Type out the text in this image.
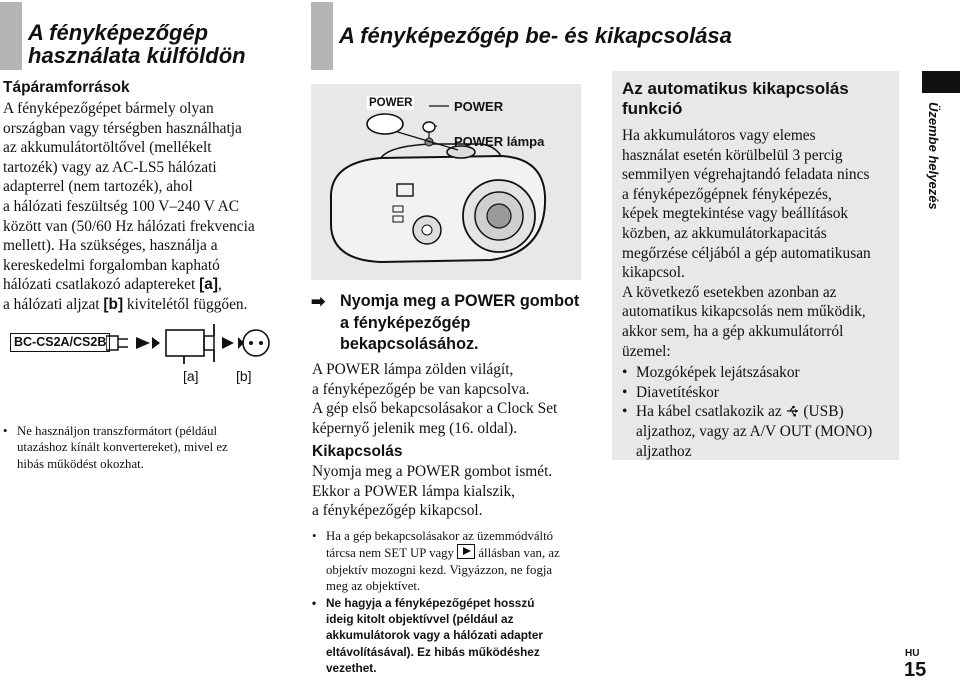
A fényképezőgép
használata külföldön
Tápáramforrások
A fényképezőgépet bármely olyan
országban vagy térségben használhatja
az akkumulátortöltővel (mellékelt
tartozék) vagy az AC-LS5 hálózati
adapterrel (nem tartozék), ahol
a hálózati feszültség 100 V–240 V AC
között van (50/60 Hz hálózati frekvencia
mellett). Ha szükséges, használja a
kereskedelmi forgalomban kapható
hálózati csatlakozó adaptereket [a],
a hálózati aljzat [b] kivitelétől függően.
BC-CS2A/CS2B
[a]	[b]
• Ne használjon transzformátort (például
utazáshoz kínált konvertereket), mivel ez
hibás működést okozhat.
A fényképezőgép be- és kikapcsolása
POWER	POWER
POWER lámpa
➡ Nyomja meg a POWER gombot
a fényképezőgép
bekapcsolásához.
A POWER lámpa zölden világít,
a fényképezőgép be van kapcsolva.
A gép első bekapcsolásakor a Clock Set
képernyő jelenik meg (16. oldal).
Kikapcsolás
Nyomja meg a POWER gombot ismét.
Ekkor a POWER lámpa kialszik,
a fényképezőgép kikapcsol.
• Ha a gép bekapcsolásakor az üzemmódváltó
tárcsa nem SET UP vagy  állásban van, az
objektív mozogni kezd. Vigyázzon, ne fogja
meg az objektívet.
• Ne hagyja a fényképezőgépet hosszú
ideig kitolt objektívvel (például az
akkumulátorok vagy a hálózati adapter
eltávolításával). Ez hibás működéshez
vezethet.
Az automatikus kikapcsolás
funkció
Ha akkumulátoros vagy elemes
használat esetén körülbelül 3 percig
semmilyen végrehajtandó feladata nincs
a fényképezőgépnek fényképezés,
képek megtekintése vagy beállítások
közben, az akkumulátorkapacitás
megőrzése céljából a gép automatikusan
kikapcsol.
A következő esetekben azonban az
automatikus kikapcsolás nem működik,
akkor sem, ha a gép akkumulátorról
üzemel:
• Mozgóképek lejátszásakor
• Diavetítéskor
• Ha kábel csatlakozik az  (USB)
aljzathoz, vagy az A/V OUT (MONO)
aljzathoz
Üzembe helyezés
HU
15
